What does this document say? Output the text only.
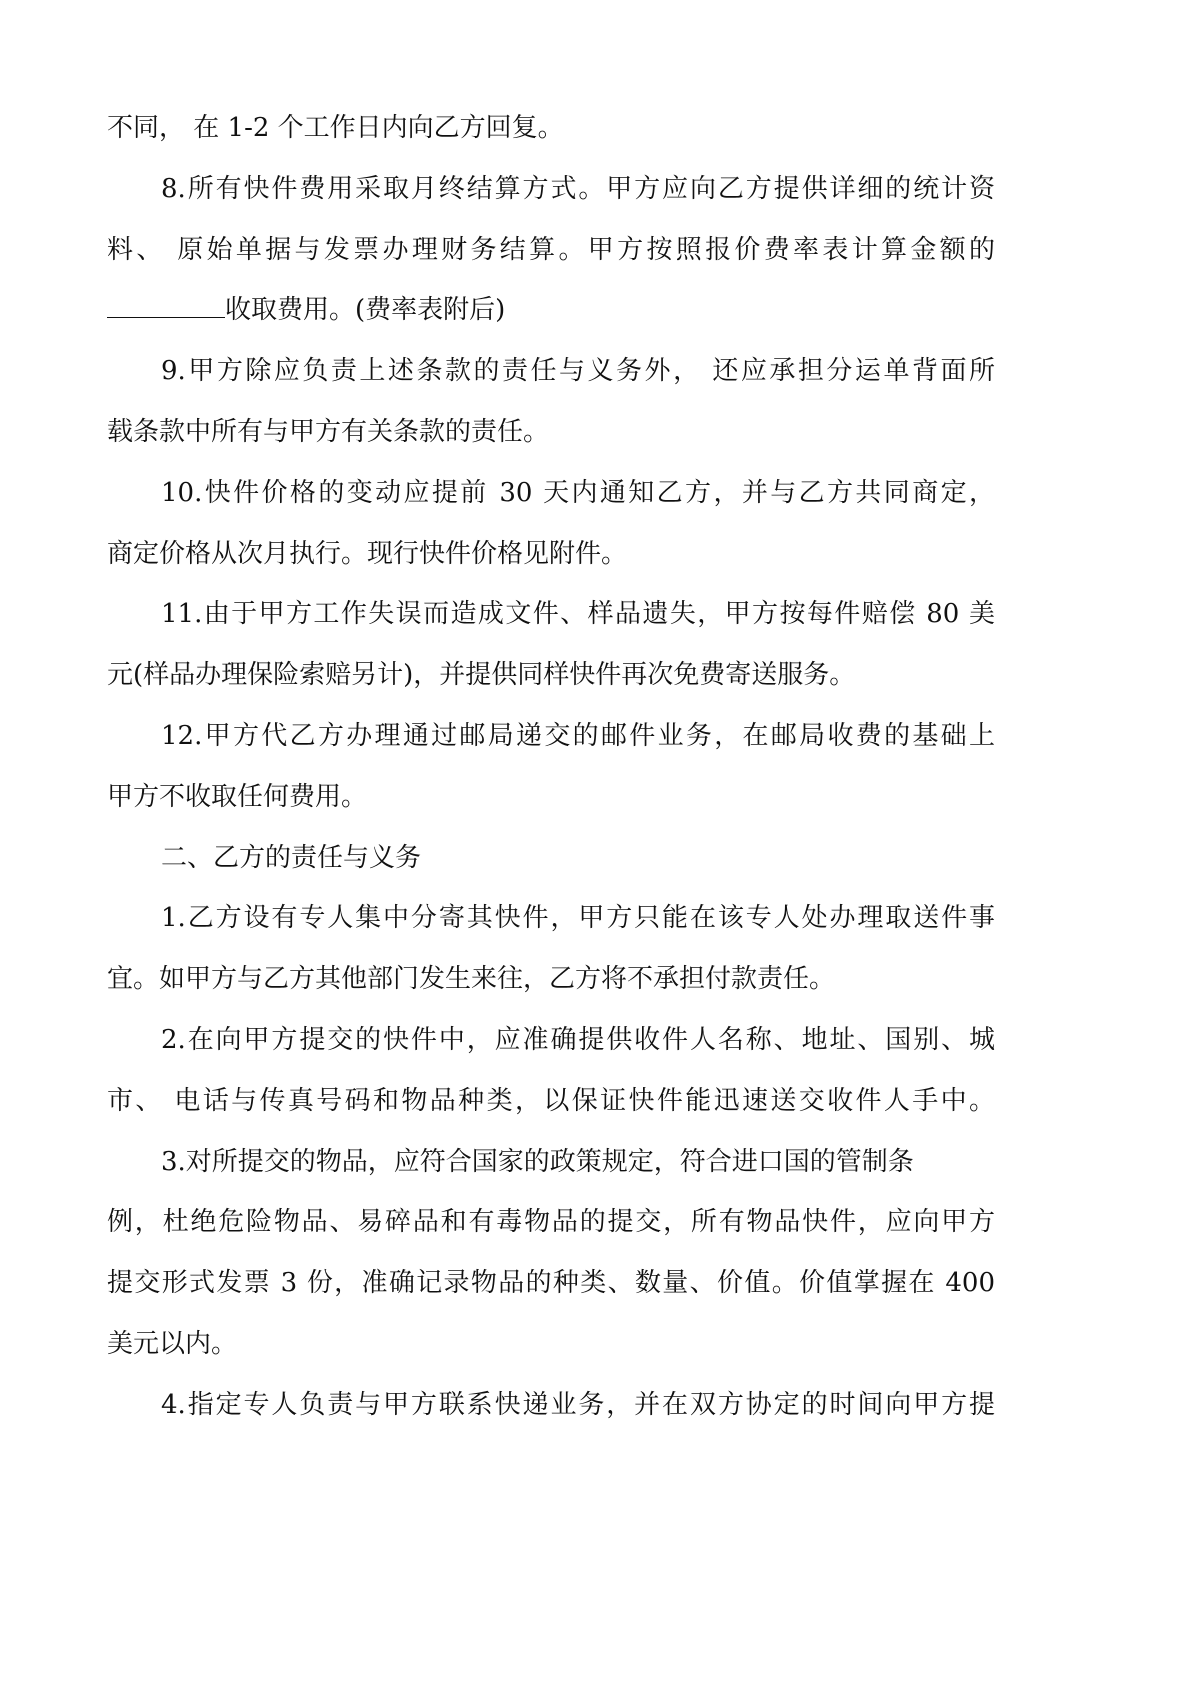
不同， 在 1-2 个工作日内向乙方回复。
8.所有快件费用采取月终结算方式。甲方应向乙方提供详细的统计资
料、 原始单据与发票办理财务结算。甲方按照报价费率表计算金额的
收取费用。(费率表附后)
9.甲方除应负责上述条款的责任与义务外， 还应承担分运单背面所
载条款中所有与甲方有关条款的责任。
10.快件价格的变动应提前 30 天内通知乙方，并与乙方共同商定，
商定价格从次月执行。现行快件价格见附件。
11.由于甲方工作失误而造成文件、样品遗失，甲方按每件赔偿 80 美
元(样品办理保险索赔另计)，并提供同样快件再次免费寄送服务。
12.甲方代乙方办理通过邮局递交的邮件业务，在邮局收费的基础上
甲方不收取任何费用。
二、乙方的责任与义务
1.乙方设有专人集中分寄其快件，甲方只能在该专人处办理取送件事
宜。如甲方与乙方其他部门发生来往，乙方将不承担付款责任。
2.在向甲方提交的快件中，应准确提供收件人名称、地址、国别、城
市、 电话与传真号码和物品种类，以保证快件能迅速送交收件人手中。
3.对所提交的物品，应符合国家的政策规定，符合进口国的管制条
例，杜绝危险物品、易碎品和有毒物品的提交，所有物品快件，应向甲方
提交形式发票 3 份，准确记录物品的种类、数量、价值。价值掌握在 400
美元以内。
4.指定专人负责与甲方联系快递业务，并在双方协定的时间向甲方提
